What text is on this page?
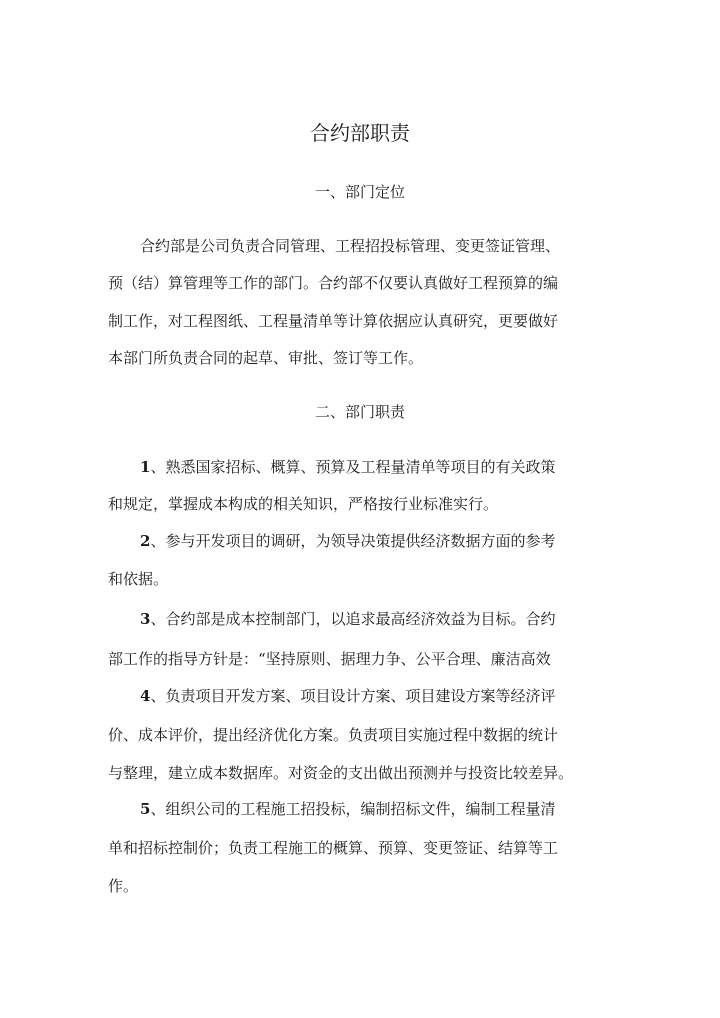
合约部职责
一、部门定位
合约部是公司负责合同管理、工程招投标管理、变更签证管理、
预（结）算管理等工作的部门。合约部不仅要认真做好工程预算的编
制工作，对工程图纸、工程量清单等计算依据应认真研究，更要做好
本部门所负责合同的起草、审批、签订等工作。
二、部门职责
1、熟悉国家招标、概算、预算及工程量清单等项目的有关政策
和规定，掌握成本构成的相关知识，严格按行业标准实行。
2、参与开发项目的调研，为领导决策提供经济数据方面的参考
和依据。
3、合约部是成本控制部门，以追求最高经济效益为目标。合约
部工作的指导方针是：“坚持原则、据理力争、公平合理、廉洁高效
4、负责项目开发方案、项目设计方案、项目建设方案等经济评
价、成本评价，提出经济优化方案。负责项目实施过程中数据的统计
与整理，建立成本数据库。对资金的支出做出预测并与投资比较差异。
5、组织公司的工程施工招投标，编制招标文件，编制工程量清
单和招标控制价；负责工程施工的概算、预算、变更签证、结算等工
作。
